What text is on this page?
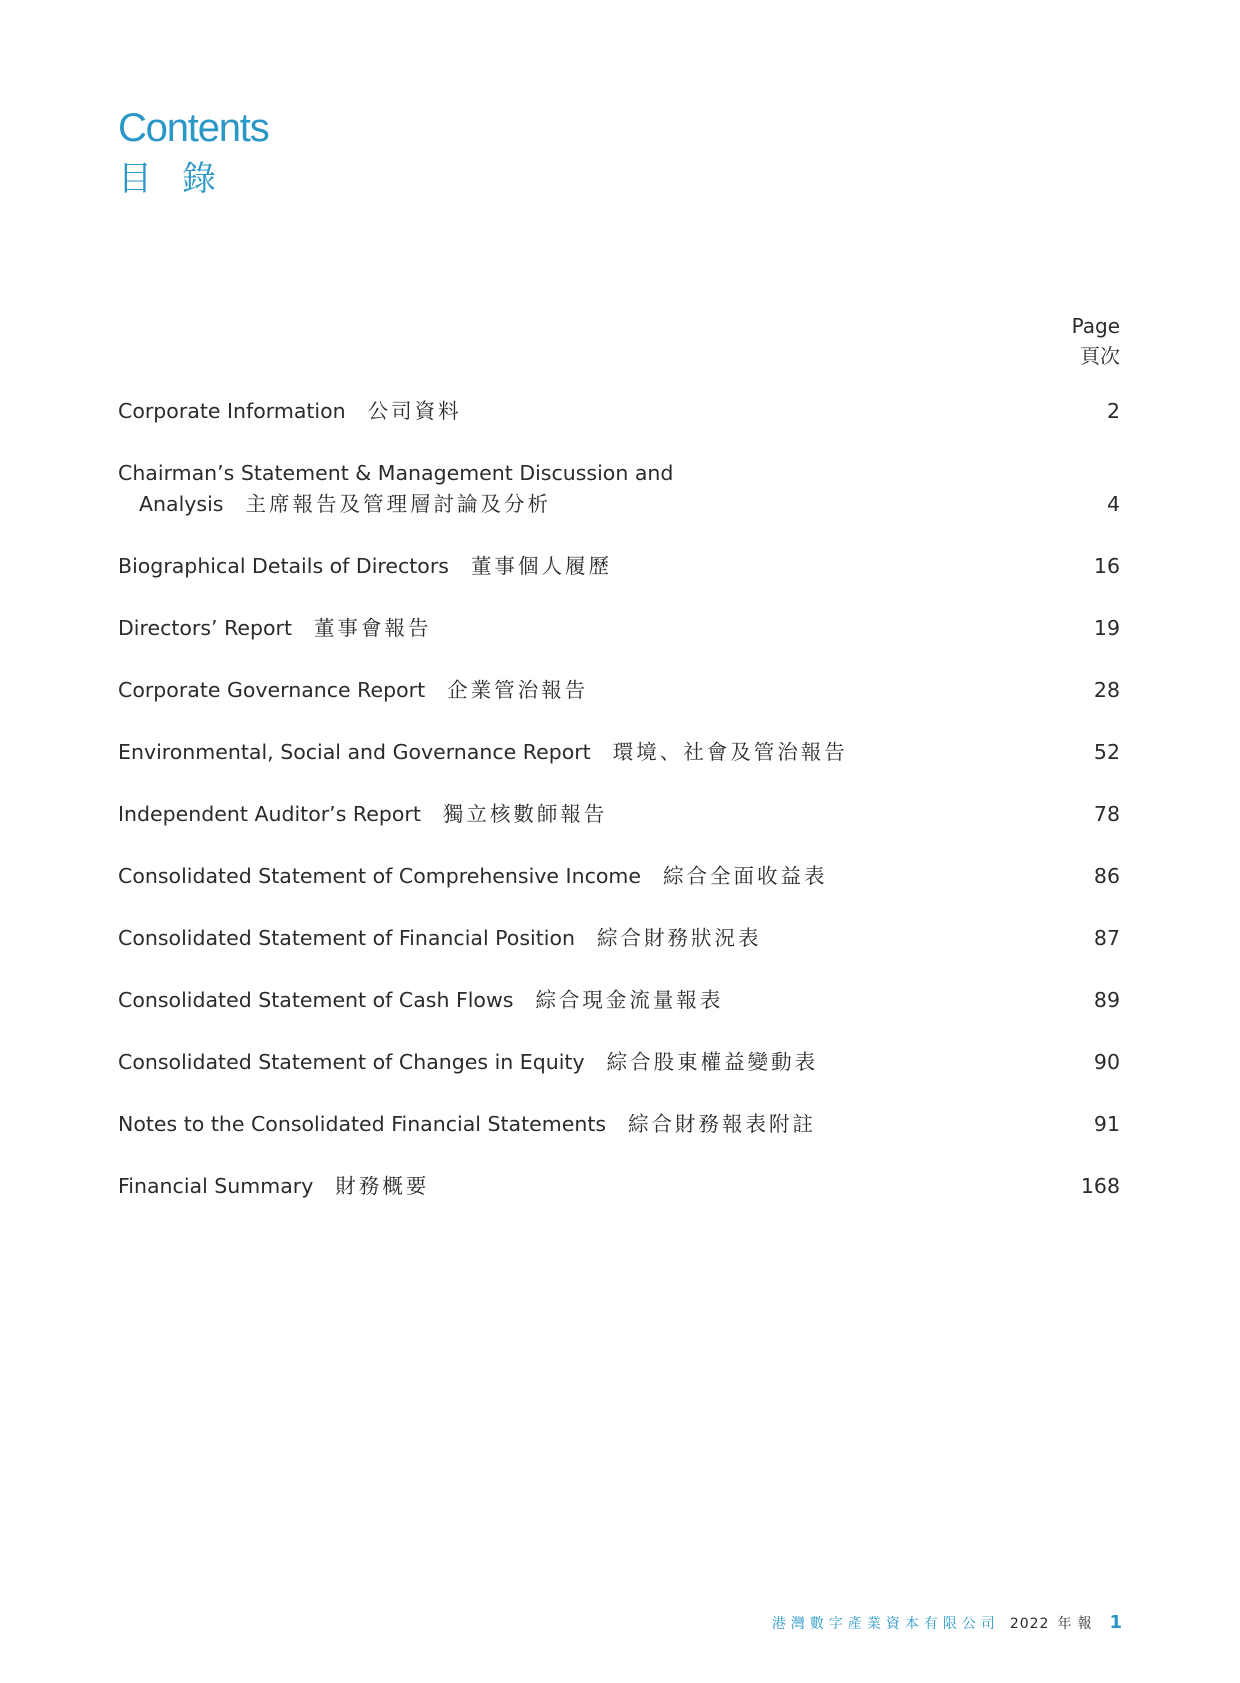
Contents
目錄
Page
頁次
Corporate Information 公司資料	2
Chairman’s Statement & Management Discussion and
Analysis 主席報告及管理層討論及分析	4
Biographical Details of Directors 董事個人履歷	16
Directors’ Report 董事會報告	19
Corporate Governance Report 企業管治報告	28
Environmental, Social and Governance Report 環境、社會及管治報告	52
Independent Auditor’s Report 獨立核數師報告	78
Consolidated Statement of Comprehensive Income 綜合全面收益表	86
Consolidated Statement of Financial Position 綜合財務狀況表	87
Consolidated Statement of Cash Flows 綜合現金流量報表	89
Consolidated Statement of Changes in Equity 綜合股東權益變動表	90
Notes to the Consolidated Financial Statements 綜合財務報表附註	91
Financial Summary 財務概要	168
港灣數字產業資本有限公司 2022 年報 1
